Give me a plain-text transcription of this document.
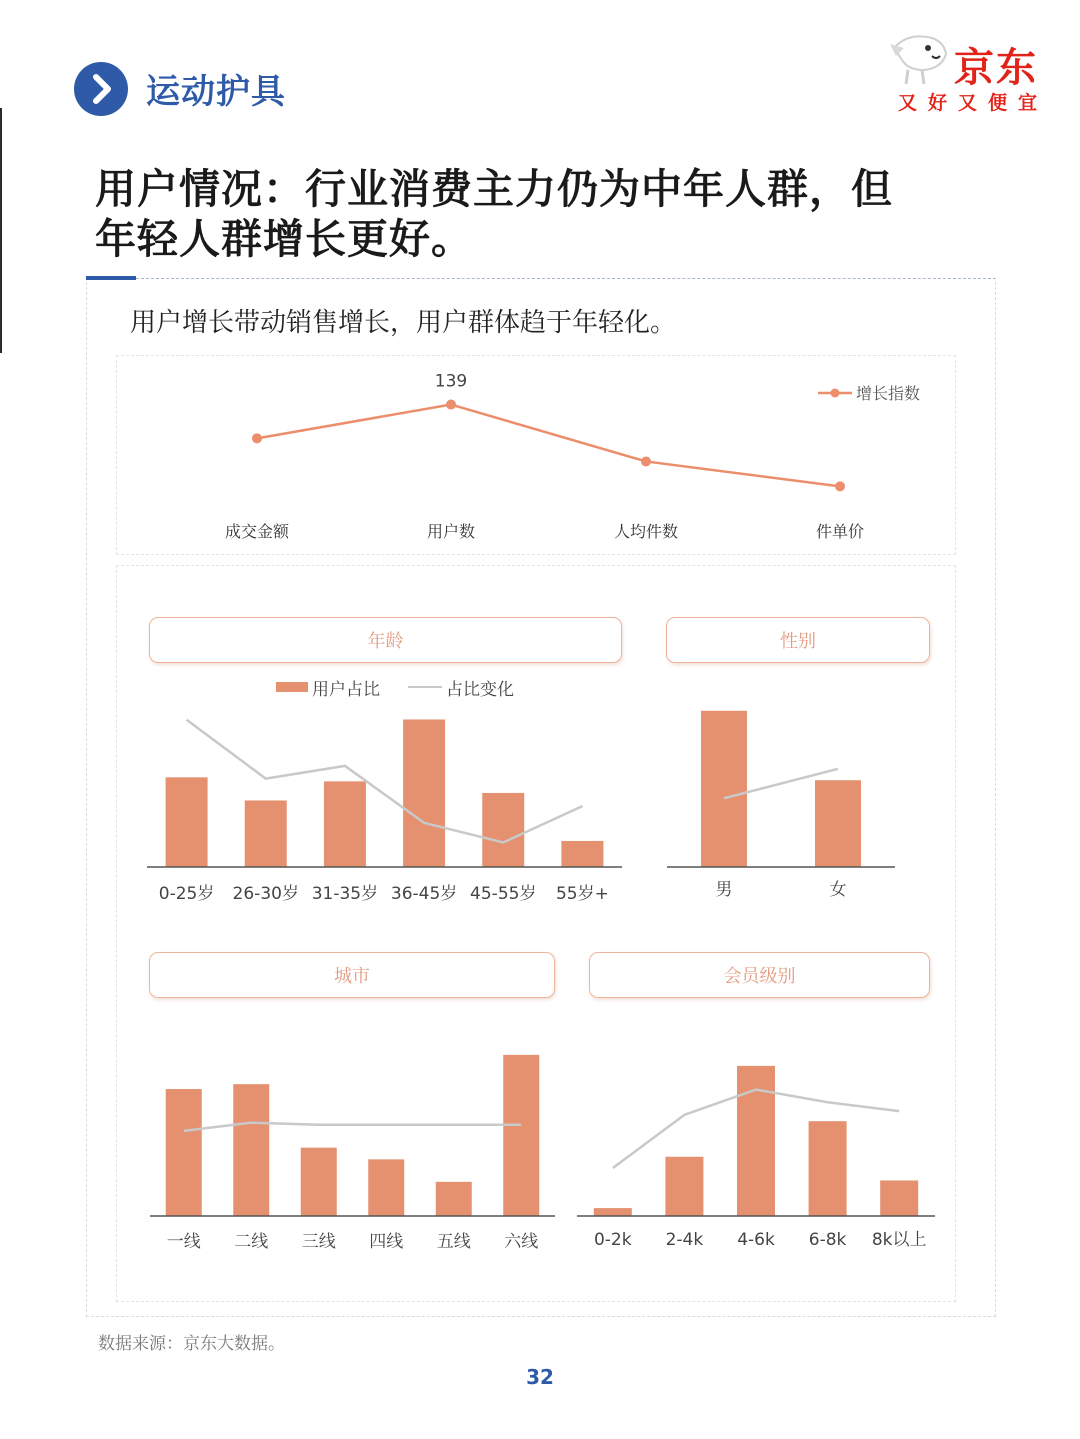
运动护具
京东
又好又便宜
用户情况：行业消费主力仍为中年人群，但
年轻人群增长更好。
用户增长带动销售增长，用户群体趋于年轻化。
139
成交金额	用户数	人均件数	件单价
增长指数
年龄	性别
城市	会员级别
用户占比	占比变化
0-25岁 26-30岁 31-35岁 36-45岁 45-55岁 55岁+	男	女
一线 二线 三线 四线 五线 六线	0-2k 2-4k 4-6k 6-8k 8k以上
数据来源：京东大数据。
32
